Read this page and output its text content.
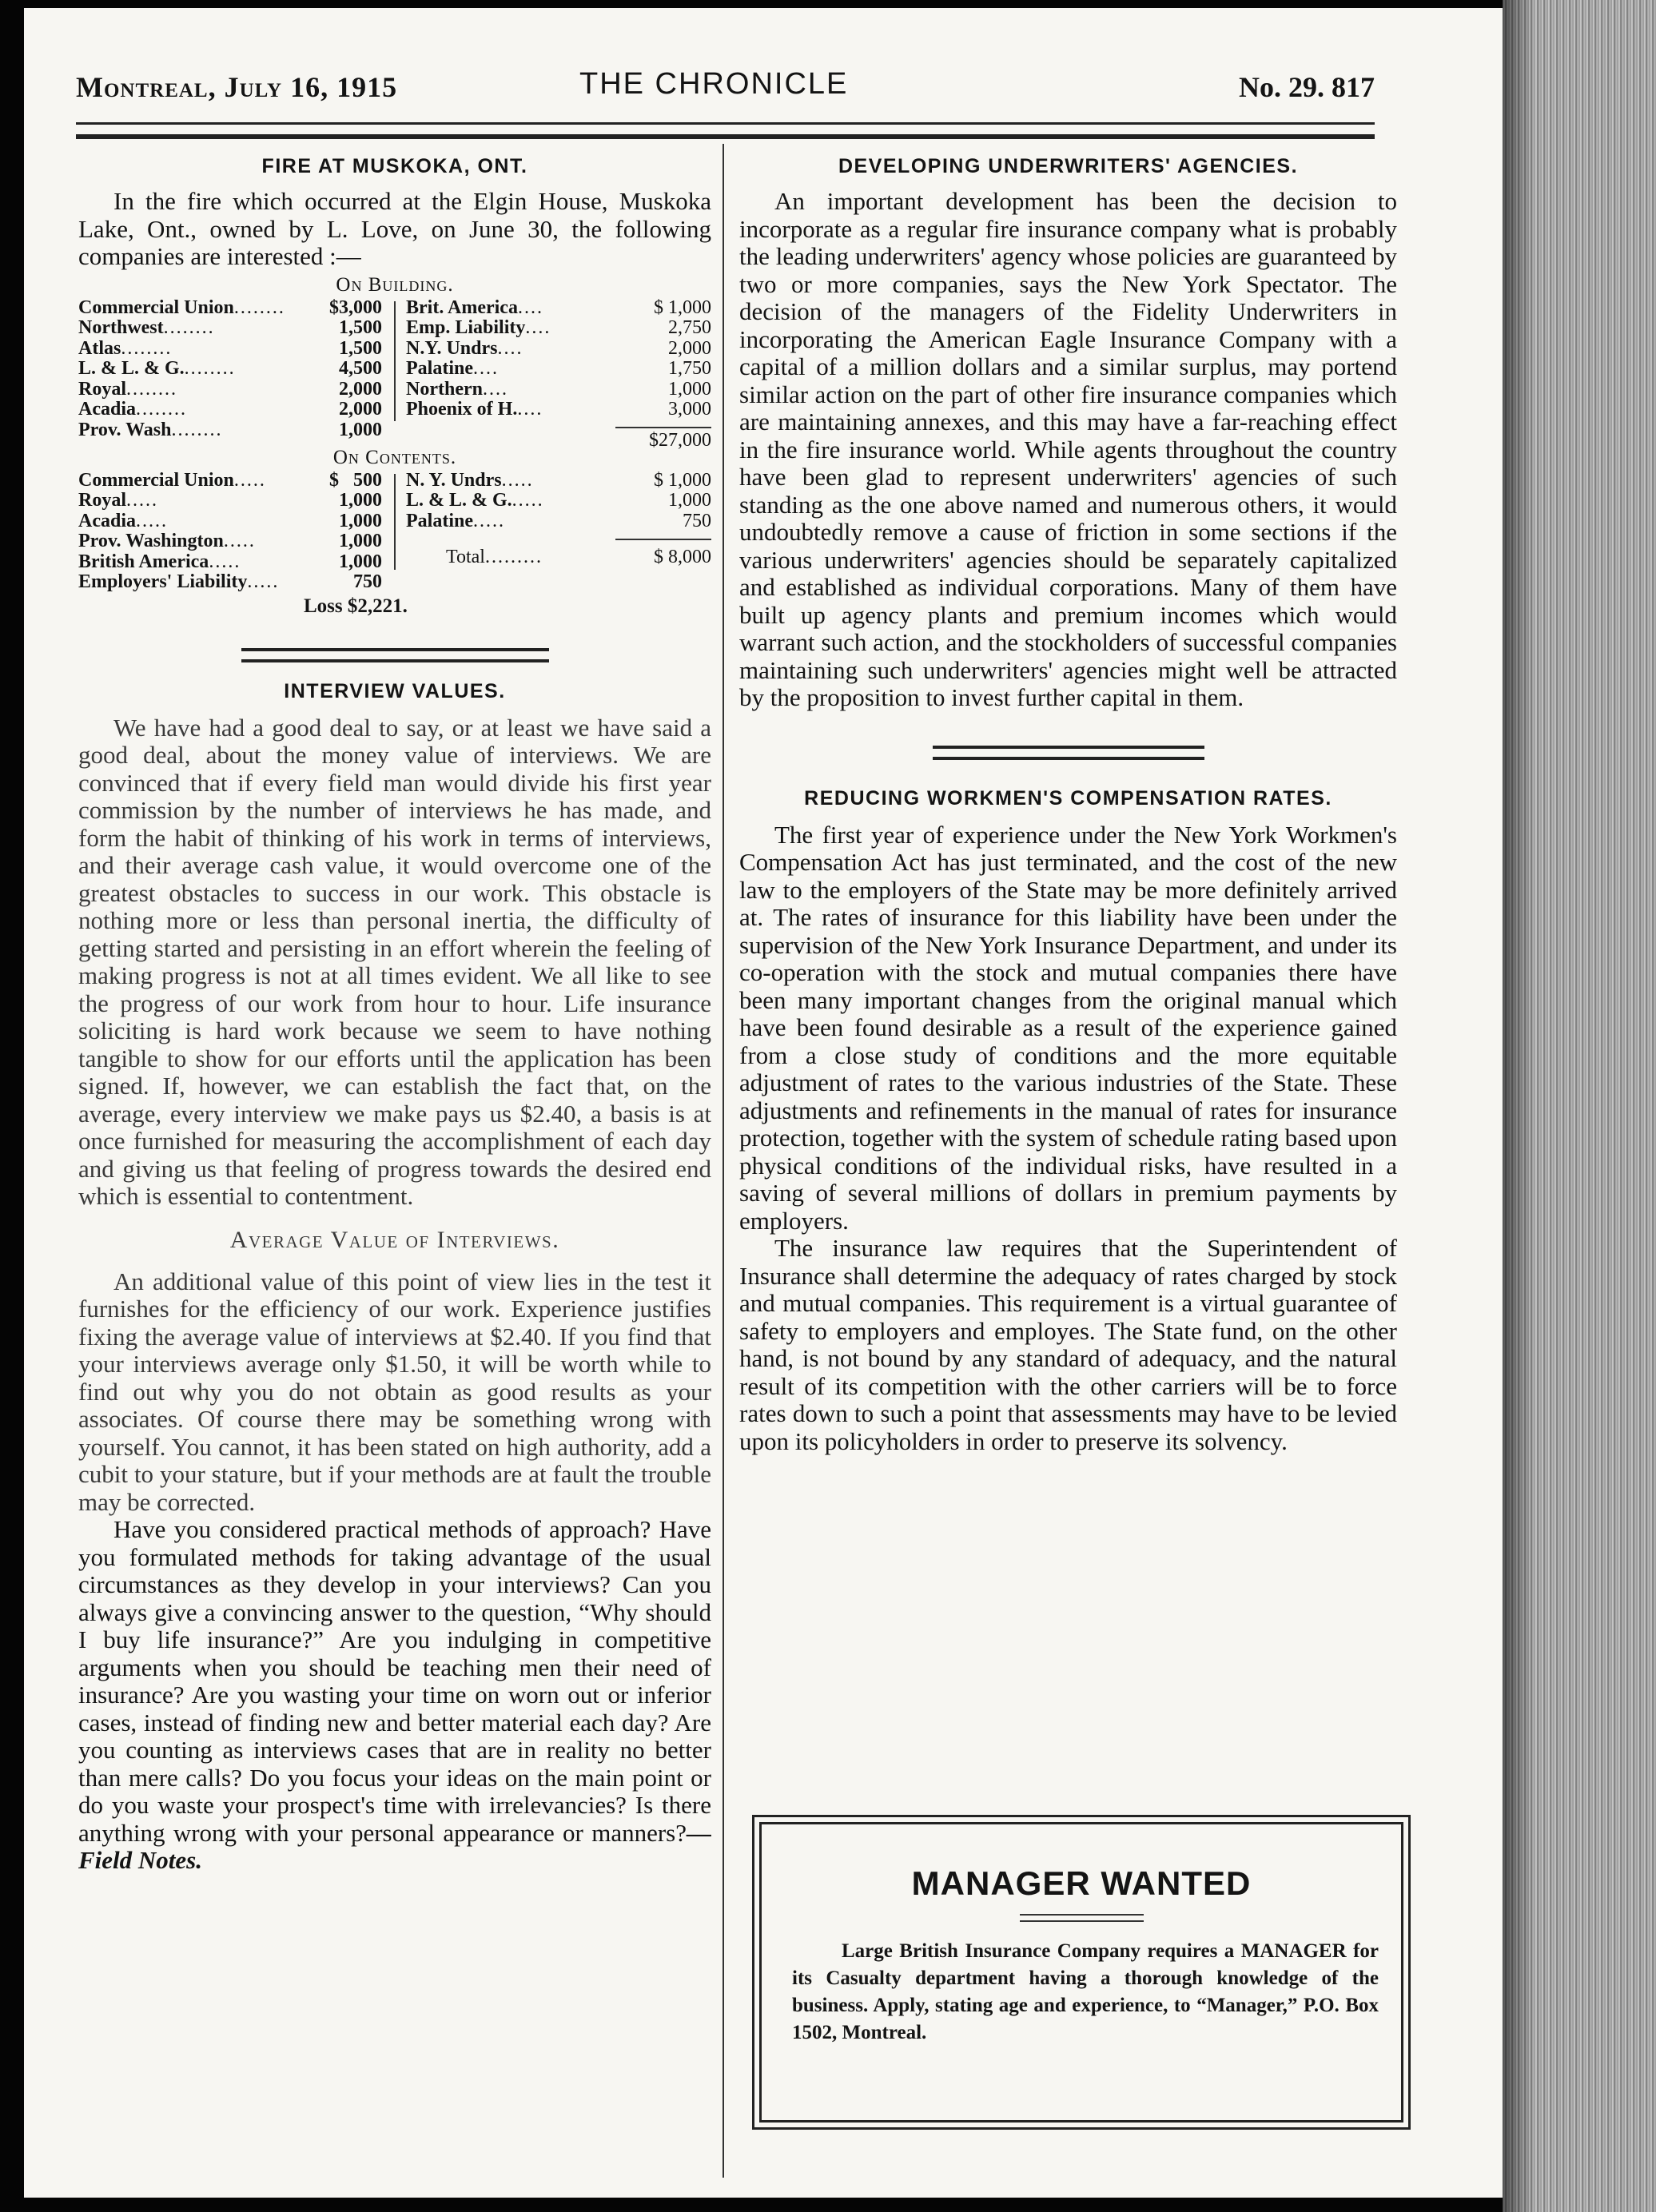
Montreal, July 16, 1915	THE CHRONICLE	No. 29. 817
FIRE AT MUSKOKA, ONT.

In the fire which occurred at the Elgin House, Muskoka Lake, Ont., owned by L. Love, on June 30, the following companies are interested :—

On Building.
Commercial Union........ $3,000
Northwest........	1,500
Atlas........	1,500
L. & L. & G.........	4,500
Royal........	2,000
Acadia........	2,000
Prov. Wash........	1,000
Brit. America....	$ 1,000
Emp. Liability....	2,750
N.Y. Undrs....	2,000
Palatine....	1,750
Northern....	1,000
Phoenix of H.....	3,000
$27,000
On Contents.
Commercial Union.....	$   500
Royal.....	1,000
Acadia.....	1,000
Prov. Washington.....	1,000
British America.....	1,000
Employers' Liability.....	750
N. Y. Undrs.....	$ 1,000
L. & L. & G......	1,000
Palatine.....	750
Total.........	$ 8,000
Loss $2,221.
INTERVIEW VALUES.

We have had a good deal to say, or at least we have said a good deal, about the money value of interviews. We are convinced that if every field man would divide his first year commission by the number of interviews he has made, and form the habit of thinking of his work in terms of interviews, and their average cash value, it would overcome one of the greatest obstacles to success in our work. This obstacle is nothing more or less than personal inertia, the difficulty of getting started and persisting in an effort wherein the feeling of making progress is not at all times evident. We all like to see the progress of our work from hour to hour. Life insurance soliciting is hard work because we seem to have nothing tangible to show for our efforts until the application has been signed. If, however, we can establish the fact that, on the average, every interview we make pays us $2.40, a basis is at once furnished for measuring the accomplishment of each day and giving us that feeling of progress towards the desired end which is essential to contentment.

Average Value of Interviews.

An additional value of this point of view lies in the test it furnishes for the efficiency of our work. Experience justifies fixing the average value of interviews at $2.40. If you find that your interviews average only $1.50, it will be worth while to find out why you do not obtain as good results as your associates. Of course there may be something wrong with yourself. You cannot, it has been stated on high authority, add a cubit to your stature, but if your methods are at fault the trouble may be corrected.

Have you considered practical methods of approach? Have you formulated methods for taking advantage of the usual circumstances as they develop in your interviews? Can you always give a convincing answer to the question, “Why should I buy life insurance?” Are you indulging in competitive arguments when you should be teaching men their need of insurance? Are you wasting your time on worn out or inferior cases, instead of finding new and better material each day? Are you counting as interviews cases that are in reality no better than mere calls? Do you focus your ideas on the main point or do you waste your prospect's time with irrelevancies? Is there anything wrong with your personal appearance or manners?—Field Notes.

DEVELOPING UNDERWRITERS' AGENCIES.

An important development has been the decision to incorporate as a regular fire insurance company what is probably the leading underwriters' agency whose policies are guaranteed by two or more companies, says the New York Spectator. The decision of the managers of the Fidelity Underwriters in incorporating the American Eagle Insurance Company with a capital of a million dollars and a similar surplus, may portend similar action on the part of other fire insurance companies which are maintaining annexes, and this may have a far-reaching effect in the fire insurance world. While agents throughout the country have been glad to represent underwriters' agencies of such standing as the one above named and numerous others, it would undoubtedly remove a cause of friction in some sections if the various underwriters' agencies should be separately capitalized and established as individual corporations. Many of them have built up agency plants and premium incomes which would warrant such action, and the stockholders of successful companies maintaining such underwriters' agencies might well be attracted by the proposition to invest further capital in them.

REDUCING WORKMEN'S COMPENSATION RATES.

The first year of experience under the New York Workmen's Compensation Act has just terminated, and the cost of the new law to the employers of the State may be more definitely arrived at. The rates of insurance for this liability have been under the supervision of the New York Insurance Department, and under its co-operation with the stock and mutual companies there have been many important changes from the original manual which have been found desirable as a result of the experience gained from a close study of conditions and the more equitable adjustment of rates to the various industries of the State. These adjustments and refinements in the manual of rates for insurance protection, together with the system of schedule rating based upon physical conditions of the individual risks, have resulted in a saving of several millions of dollars in premium payments by employers.

The insurance law requires that the Superintendent of Insurance shall determine the adequacy of rates charged by stock and mutual companies. This requirement is a virtual guarantee of safety to employers and employes. The State fund, on the other hand, is not bound by any standard of adequacy, and the natural result of its competition with the other carriers will be to force rates down to such a point that assessments may have to be levied upon its policyholders in order to preserve its solvency.

MANAGER WANTED
Large British Insurance Company requires a MANAGER for its Casualty department having a thorough knowledge of the business. Apply, stating age and experience, to “Manager,” P.O. Box 1502, Montreal.
